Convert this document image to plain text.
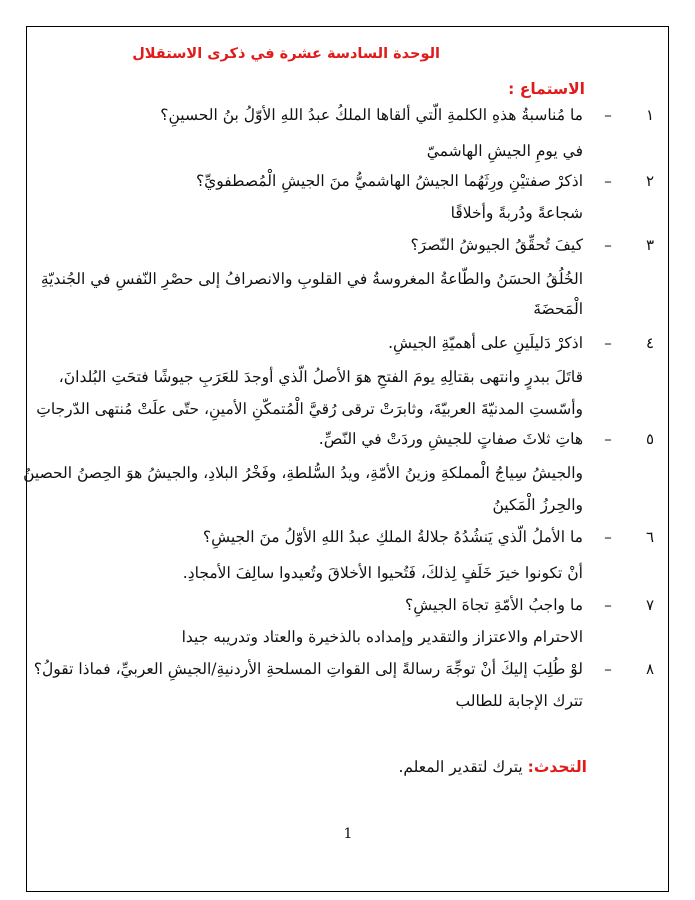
الوحدة السادسة عشرة في ذكرى الاستقلال
الاستماع :
١
–
ما مُناسبةُ هذهِ الكلمةِ الّتي ألقاها الملكُ عبدُ اللهِ الأوّلُ بنُ الحسينِ؟
في يومِ الجيشِ الهاشميّ
٢
–
اذكرْ صفتيْنِ ورِثَهُما الجيشُ الهاشميُّ منَ الجيشِ الْمُصطفويِّ؟
شجاعةً ودُربةً وأخلاقًا
٣
–
كيفَ تُحقِّقُ الجيوشُ النّصرَ؟
الخُلُقُ الحسَنُ والطّاعةُ المغروسةُ في القلوبِ والانصرافُ إلى حصْرِ النّفسِ في الجُنديّةِ
الْمَحضَةَ
٤
–
اذكرْ دَليلَينِ على أهميّةِ الجيشِ.
قاتَلَ ببدرٍ وانتهى بقتالِهِ يومَ الفتحِ هوَ الأصلُ الّذي أوجدَ للعَرَبِ جيوشًا فتحَتِ البُلدانَ،
وأسّستِ المدنيّةَ العربيّةَ، وثابرَتْ ترقى رُقيَّ الْمُتمكّنِ الأمينِ، حتّى علَتْ مُنتهى الدّرجاتِ
٥
–
هاتِ ثلاثَ صفاتٍ للجيشِ وردَتْ في النّصِّ.
والجيشُ سِياجُ الْمملكةِ وزينُ الأمّةِ، ويدُ السُّلطةِ، وفَخْرُ البلادِ، والجيشُ هوَ الحِصنُ الحصينُ
والحِرزُ الْمَكينُ
٦
–
ما الأملُ الّذي يَنشُدُهُ جلالةُ الملكِ عبدُ اللهِ الأوّلُ منَ الجيشِ؟
أنْ تكونوا خيرَ خَلَفٍ لِذلكَ، فَتُحيوا الأخلاقَ وتُعيدوا سالِفَ الأمجادِ.
٧
–
ما واجبُ الأمّةِ تجاهَ الجيشِ؟
الاحترام والاعتزاز والتقدير وإمداده بالذخيرة والعتاد وتدريبه جيدا
٨
–
لوْ طُلِبَ إليكَ أنْ توجِّهَ رسالةً إلى القواتِ المسلحةِ الأردنيةِ/الجيشِ العربيِّ، فماذا تقولُ؟
تترك الإجابة للطالب
التحدث: يترك لتقدير المعلم.
1
